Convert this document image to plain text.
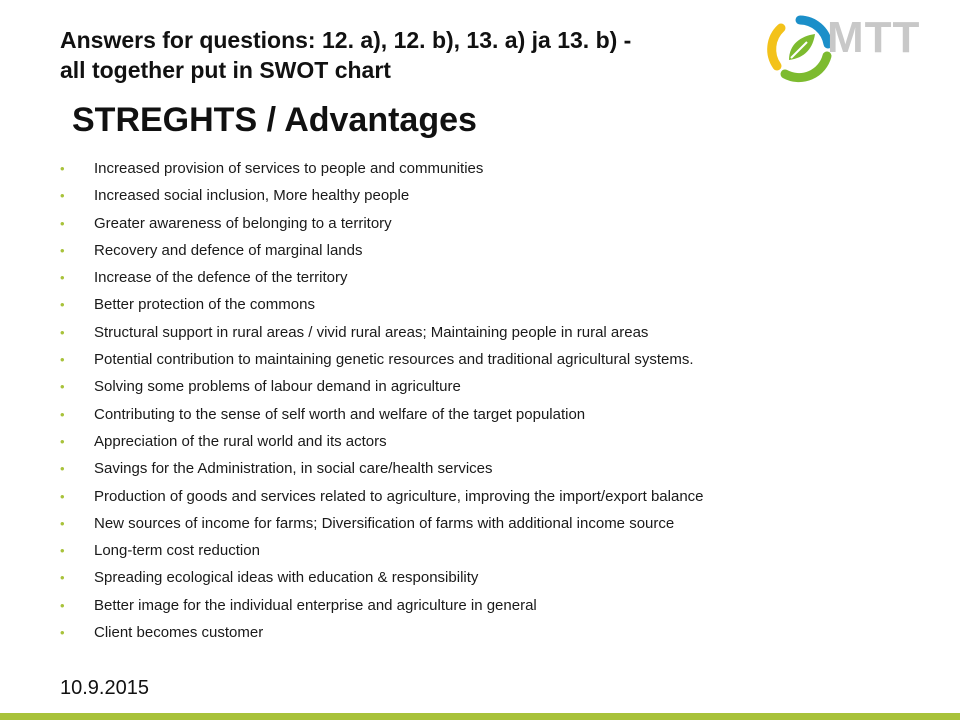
MTT
Answers for questions: 12. a), 12. b), 13. a) ja 13. b) -
all together put in SWOT chart
STREGHTS / Advantages
• Increased provision of services to people and communities
• Increased social inclusion, More healthy people
• Greater awareness of belonging to a territory
• Recovery and defence of marginal lands
• Increase of the defence of the territory
• Better protection of the commons
• Structural support in rural areas / vivid rural areas; Maintaining people in rural areas
• Potential contribution to maintaining genetic resources and traditional agricultural systems.
• Solving some problems of labour demand in agriculture
• Contributing to the sense of self worth and welfare of the target population
• Appreciation of the rural world and its actors
• Savings for the Administration, in social care/health services
• Production of goods and services related to agriculture, improving the import/export balance
• New sources of income for farms; Diversification of farms with additional income source
• Long-term cost reduction
• Spreading ecological ideas with education & responsibility
• Better image for the individual enterprise and agriculture in general
• Client becomes customer
10.9.2015
